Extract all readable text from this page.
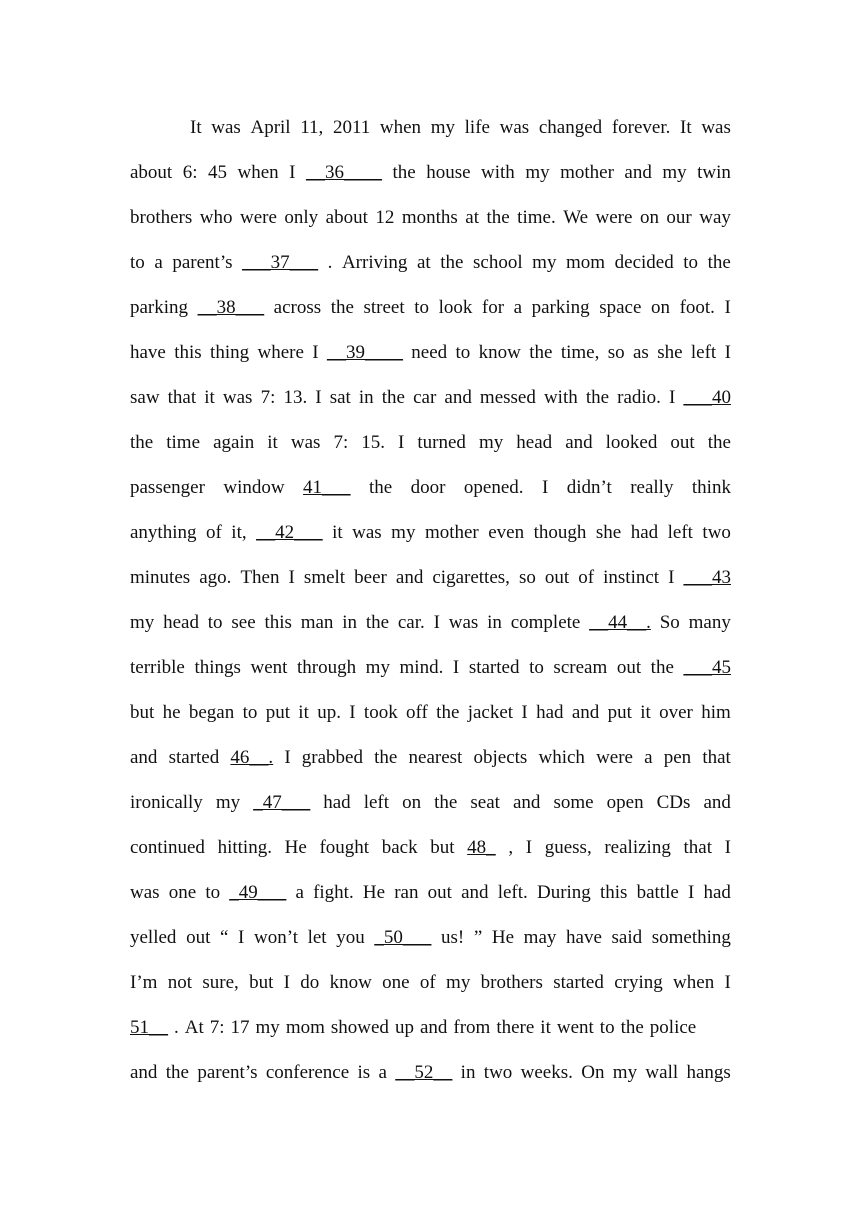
It was April 11, 2011 when my life was changed forever. It was
about 6: 45 when I __36____ the house with my mother and my twin
brothers who were only about 12 months at the time. We were on our way
to a parent’s ___37___ . Arriving at the school my mom decided to the
parking __38___ across the street to look for a parking space on foot. I
have this thing where I __39____ need to know the time, so as she left I
saw that it was 7: 13. I sat in the car and messed with the radio. I ___40
the time again it was 7: 15. I turned my head and looked out the
passenger window 41___ the door opened. I didn’t really think
anything of it, __42___ it was my mother even though she had left two
minutes ago. Then I smelt beer and cigarettes, so out of instinct I ___43
my head to see this man in the car. I was in complete __44__. So many
terrible things went through my mind. I started to scream out the ___45
but he began to put it up. I took off the jacket I had and put it over him
and started 46__. I grabbed the nearest objects which were a pen that
ironically my _47___ had left on the seat and some open CDs and
continued hitting. He fought back but 48_ , I guess, realizing that I
was one to _49___ a fight. He ran out and left. During this battle I had
yelled out “ I won’t let you _50___ us! ” He may have said something
I’m not sure, but I do know one of my brothers started crying when I
51__ . At 7: 17 my mom showed up and from there it went to the police
and the parent’s conference is a __52__ in two weeks. On my wall hangs
